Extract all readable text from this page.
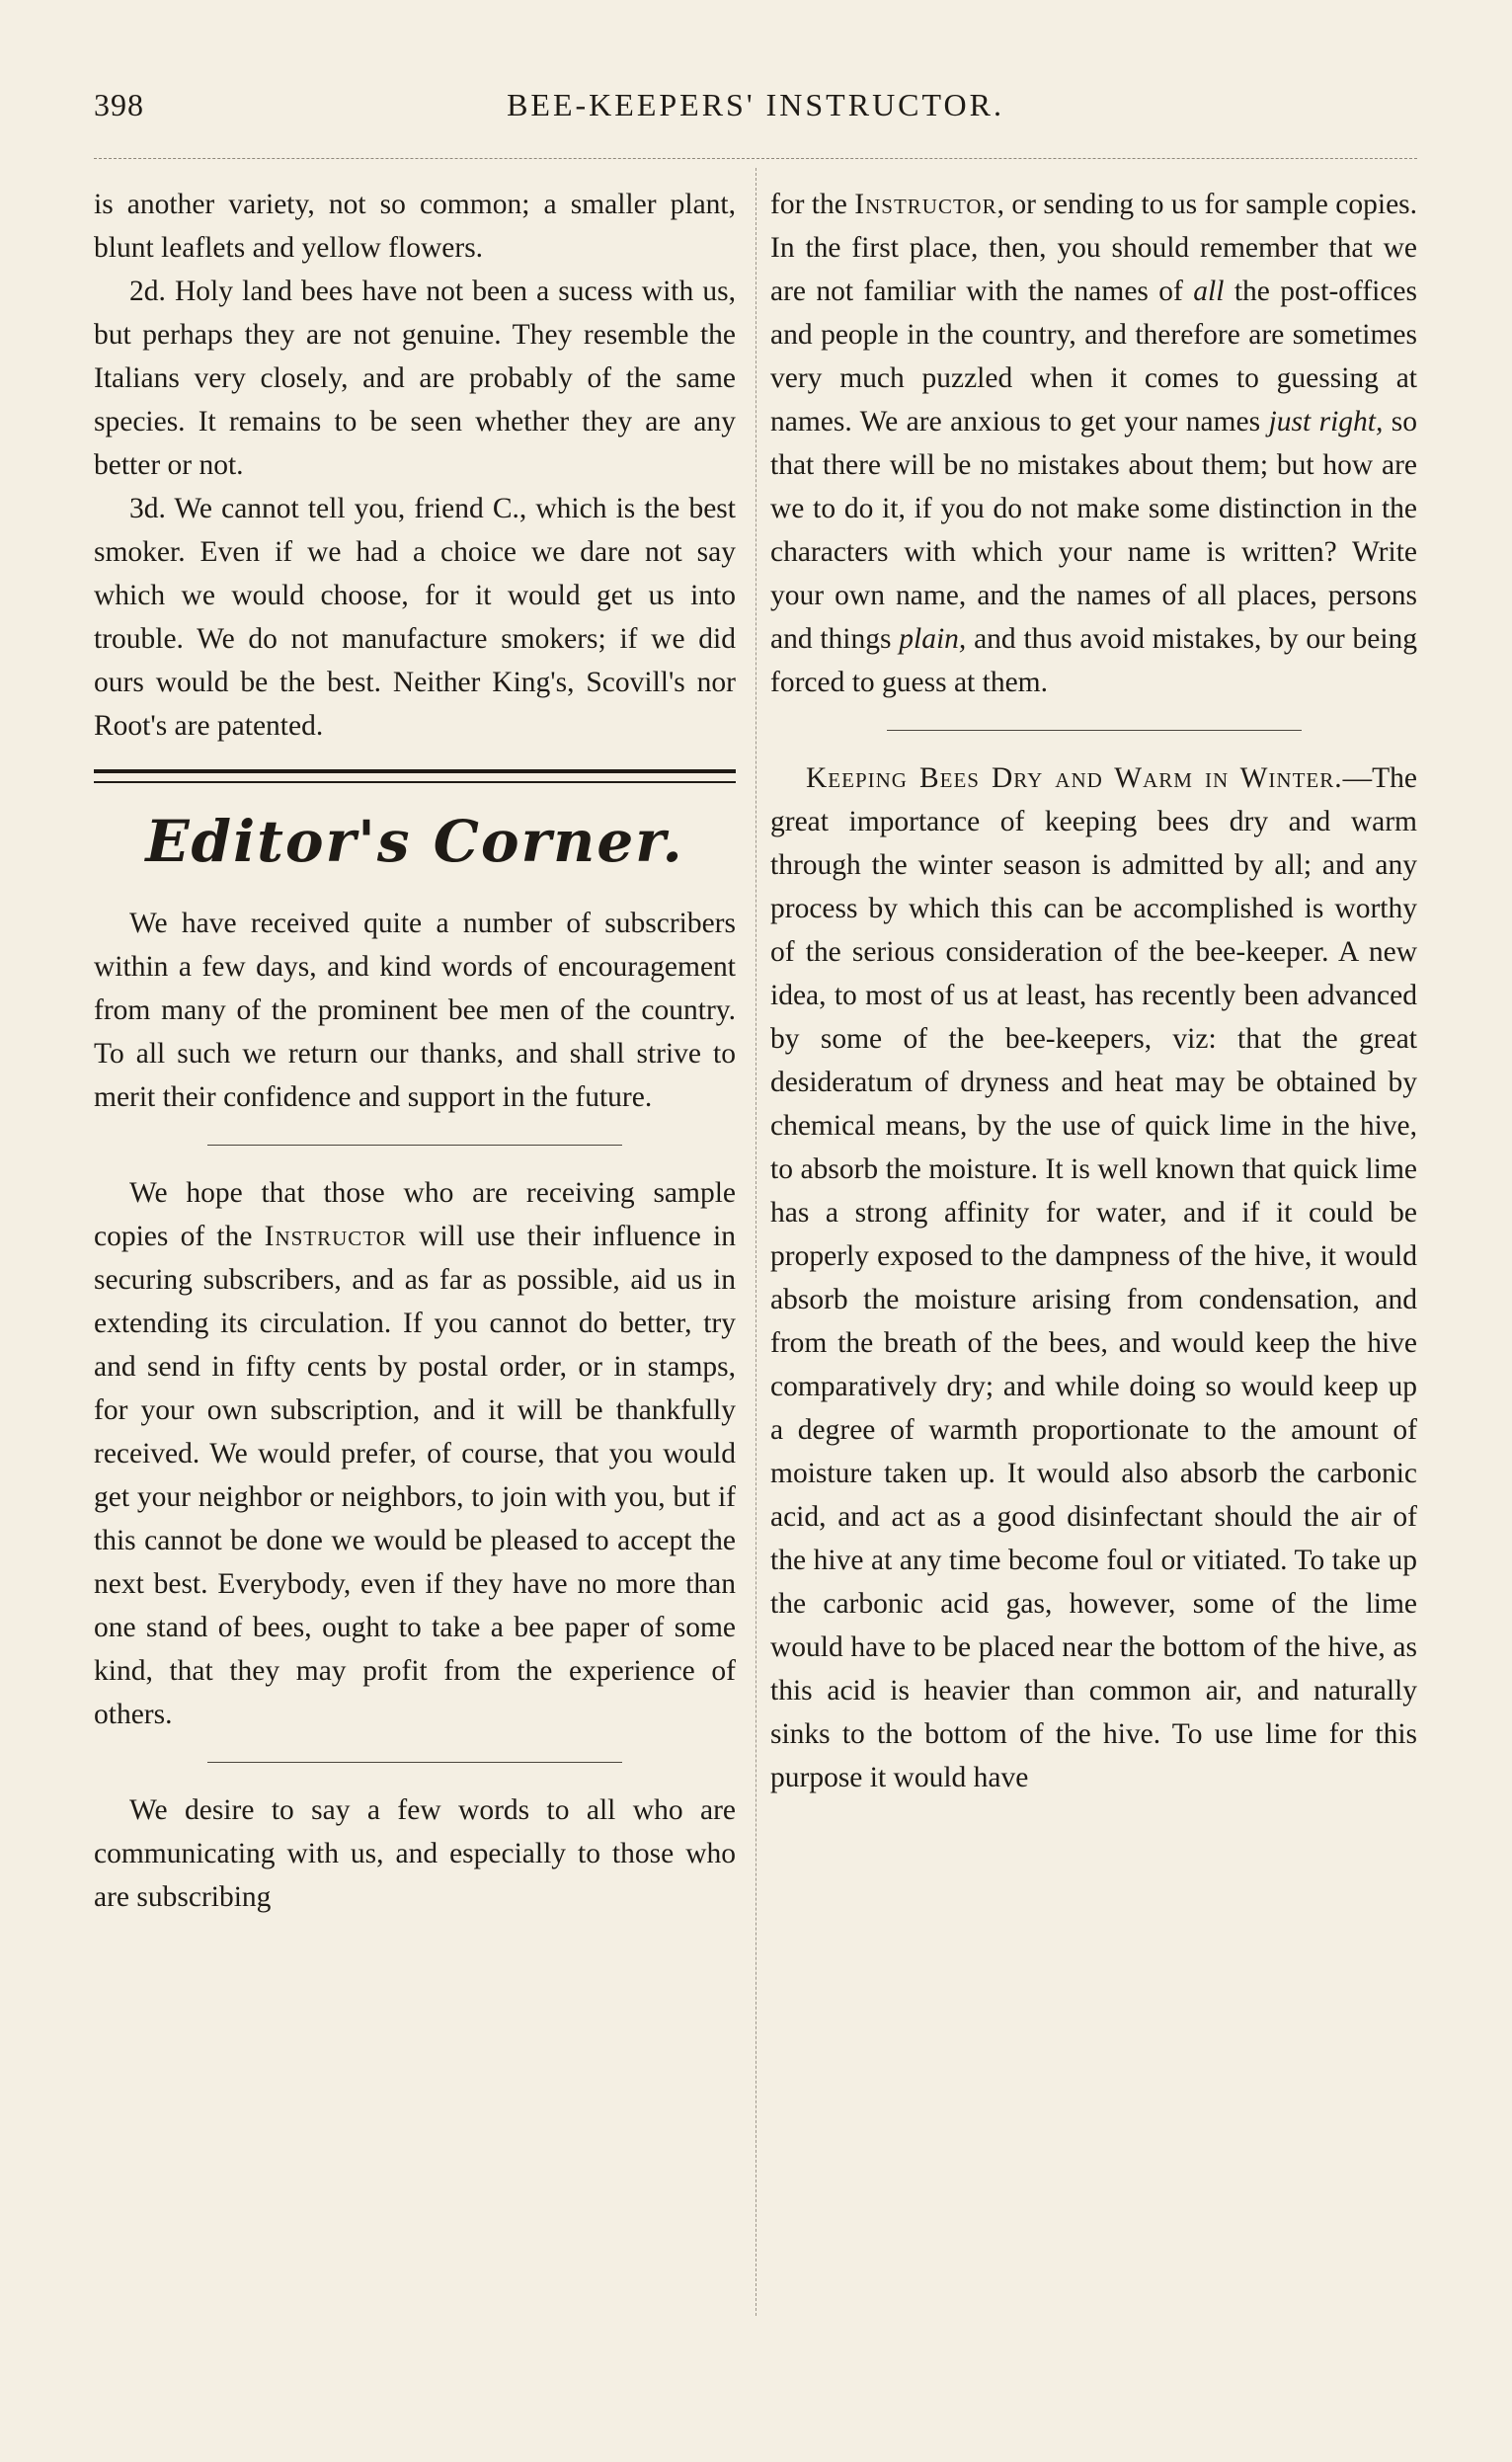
398	BEE-KEEPERS' INSTRUCTOR.

is another variety, not so common; a smaller plant, blunt leaflets and yellow flowers.

2d. Holy land bees have not been a sucess with us, but perhaps they are not genuine. They resemble the Italians very closely, and are probably of the same species. It remains to be seen whether they are any better or not.

3d. We cannot tell you, friend C., which is the best smoker. Even if we had a choice we dare not say which we would choose, for it would get us into trouble. We do not manufacture smokers; if we did ours would be the best. Neither King's, Scovill's nor Root's are patented.

Editor's Corner.

We have received quite a number of subscribers within a few days, and kind words of encouragement from many of the prominent bee men of the country. To all such we return our thanks, and shall strive to merit their confidence and support in the future.

We hope that those who are receiving sample copies of the Instructor will use their influence in securing subscribers, and as far as possible, aid us in extending its circulation. If you cannot do better, try and send in fifty cents by postal order, or in stamps, for your own subscription, and it will be thankfully received. We would prefer, of course, that you would get your neighbor or neighbors, to join with you, but if this cannot be done we would be pleased to accept the next best. Everybody, even if they have no more than one stand of bees, ought to take a bee paper of some kind, that they may profit from the experience of others.

We desire to say a few words to all who are communicating with us, and especially to those who are subscribing

for the Instructor, or sending to us for sample copies. In the first place, then, you should remember that we are not familiar with the names of all the post-offices and people in the country, and therefore are sometimes very much puzzled when it comes to guessing at names. We are anxious to get your names just right, so that there will be no mistakes about them; but how are we to do it, if you do not make some distinction in the characters with which your name is written? Write your own name, and the names of all places, persons and things plain, and thus avoid mistakes, by our being forced to guess at them.

Keeping Bees Dry and Warm in Winter.—The great importance of keeping bees dry and warm through the winter season is admitted by all; and any process by which this can be accomplished is worthy of the serious consideration of the bee-keeper. A new idea, to most of us at least, has recently been advanced by some of the bee-keepers, viz: that the great desideratum of dryness and heat may be obtained by chemical means, by the use of quick lime in the hive, to absorb the moisture. It is well known that quick lime has a strong affinity for water, and if it could be properly exposed to the dampness of the hive, it would absorb the moisture arising from condensation, and from the breath of the bees, and would keep the hive comparatively dry; and while doing so would keep up a degree of warmth proportionate to the amount of moisture taken up. It would also absorb the carbonic acid, and act as a good disinfectant should the air of the hive at any time become foul or vitiated. To take up the carbonic acid gas, however, some of the lime would have to be placed near the bottom of the hive, as this acid is heavier than common air, and naturally sinks to the bottom of the hive. To use lime for this purpose it would have
